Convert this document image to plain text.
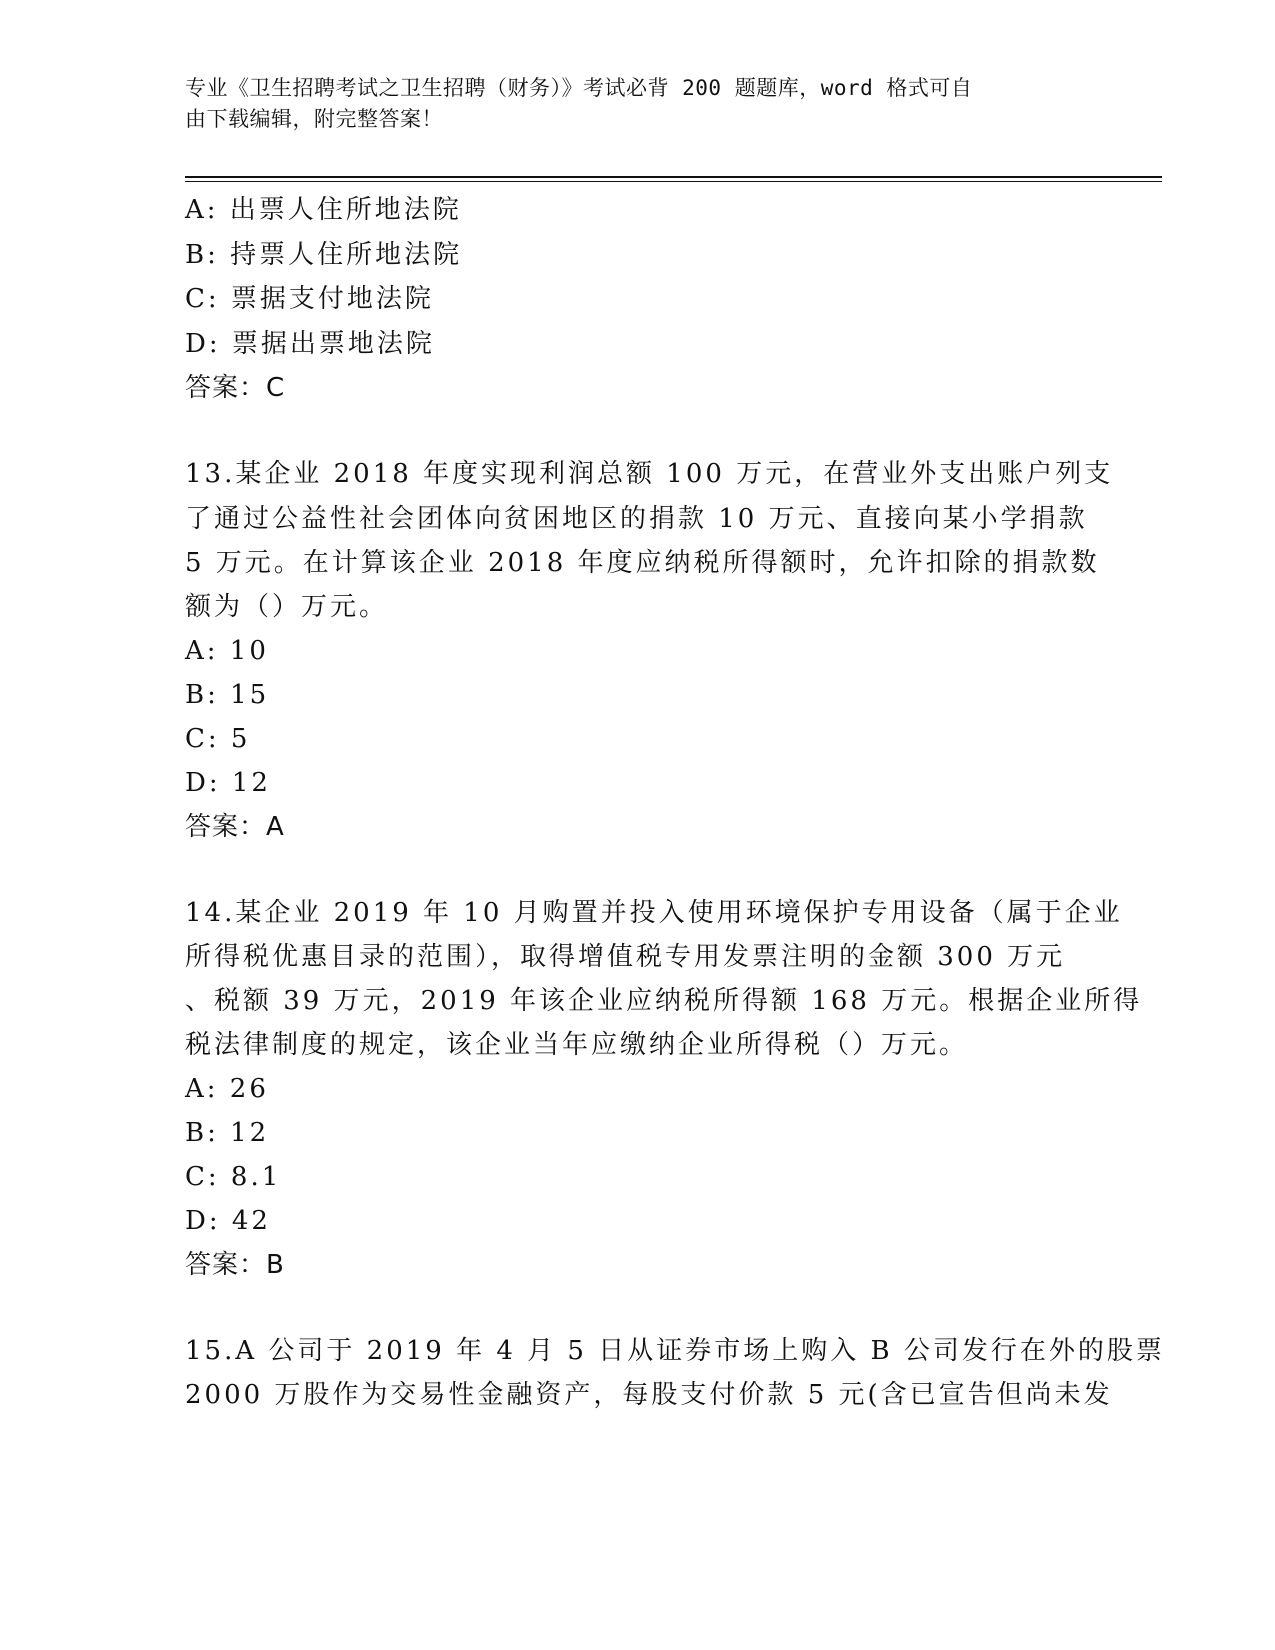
专业《卫生招聘考试之卫生招聘（财务）》考试必背 200 题题库，word 格式可自
由下载编辑，附完整答案！
A: 出票人住所地法院
B: 持票人住所地法院
C: 票据支付地法院
D: 票据出票地法院
答案：C
13.某企业 2018 年度实现利润总额 100 万元，在营业外支出账户列支
了通过公益性社会团体向贫困地区的捐款 10 万元、直接向某小学捐款
5 万元。在计算该企业 2018 年度应纳税所得额时，允许扣除的捐款数
额为（）万元。
A: 10
B: 15
C: 5
D: 12
答案：A
14.某企业 2019 年 10 月购置并投入使用环境保护专用设备（属于企业
所得税优惠目录的范围），取得增值税专用发票注明的金额 300 万元
、税额 39 万元，2019 年该企业应纳税所得额 168 万元。根据企业所得
税法律制度的规定，该企业当年应缴纳企业所得税（）万元。
A: 26
B: 12
C: 8.1
D: 42
答案：B
15.A 公司于 2019 年 4 月 5 日从证券市场上购入 B 公司发行在外的股票
2000 万股作为交易性金融资产，每股支付价款 5 元(含已宣告但尚未发
